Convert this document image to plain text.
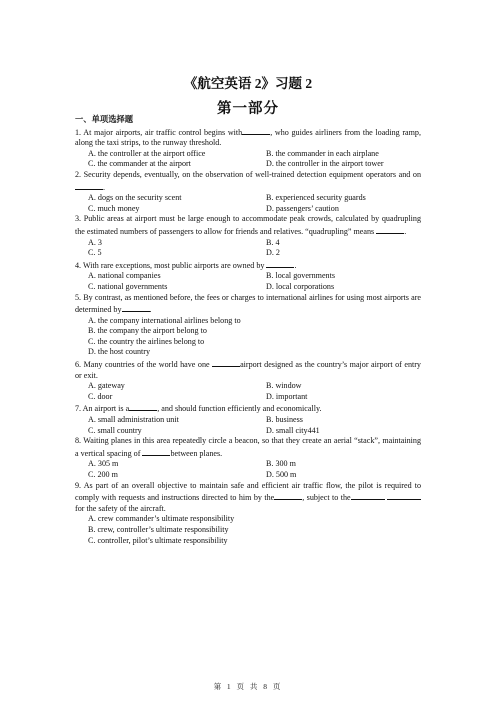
《航空英语 2》习题 2
第一部分
一、单项选择题
1. At major airports, air traffic control begins with	, who guides airliners from the loading ramp, along the taxi strips, to the runway threshold.
A. the controller at the airport office	B. the commander in each airplane
C. the commander at the airport	D. the controller in the airport tower
2. Security depends, eventually, on the observation of well-trained detection equipment operators and on .
A. dogs on the security scent	B. experienced security guards
C. much money	D. passengers’ caution
3. Public areas at airport must be large enough to accommodate peak crowds, calculated by quadrupling the estimated numbers of passengers to allow for friends and relatives. “quadrupling” means	.
A. 3	B. 4
C. 5	D. 2
4. With rare exceptions, most public airports are owned by	.
A. national companies	B. local governments
C. national governments	D. local corporations
5. By contrast, as mentioned before, the fees or charges to international airlines for using most airports are determined by	.
A. the company international airlines belong to
B. the company the airport belong to
C. the country the airlines belong to
D. the host country
6. Many countries of the world have one	airport designed as the country’s major airport of entry or exit.
A. gateway	B. window
C. door	D. important
7. An airport is a	, and should function efficiently and economically.
A. small administration unit	B. business
C. small country	D. small city441
8. Waiting planes in this area repeatedly circle a beacon, so that they create an aerial “stack”, maintaining a vertical spacing of	between planes.
A. 305 m	B. 300 m
C. 200 m	D. 500 m
9. As part of an overall objective to maintain safe and efficient air traffic flow, the pilot is required to comply with requests and instructions directed to him by the	, subject to the  for the safety of the aircraft.
A. crew commander’s ultimate responsibility
B. crew, controller’s ultimate responsibility
C. controller, pilot’s ultimate responsibility
第 1 页 共 8 页
